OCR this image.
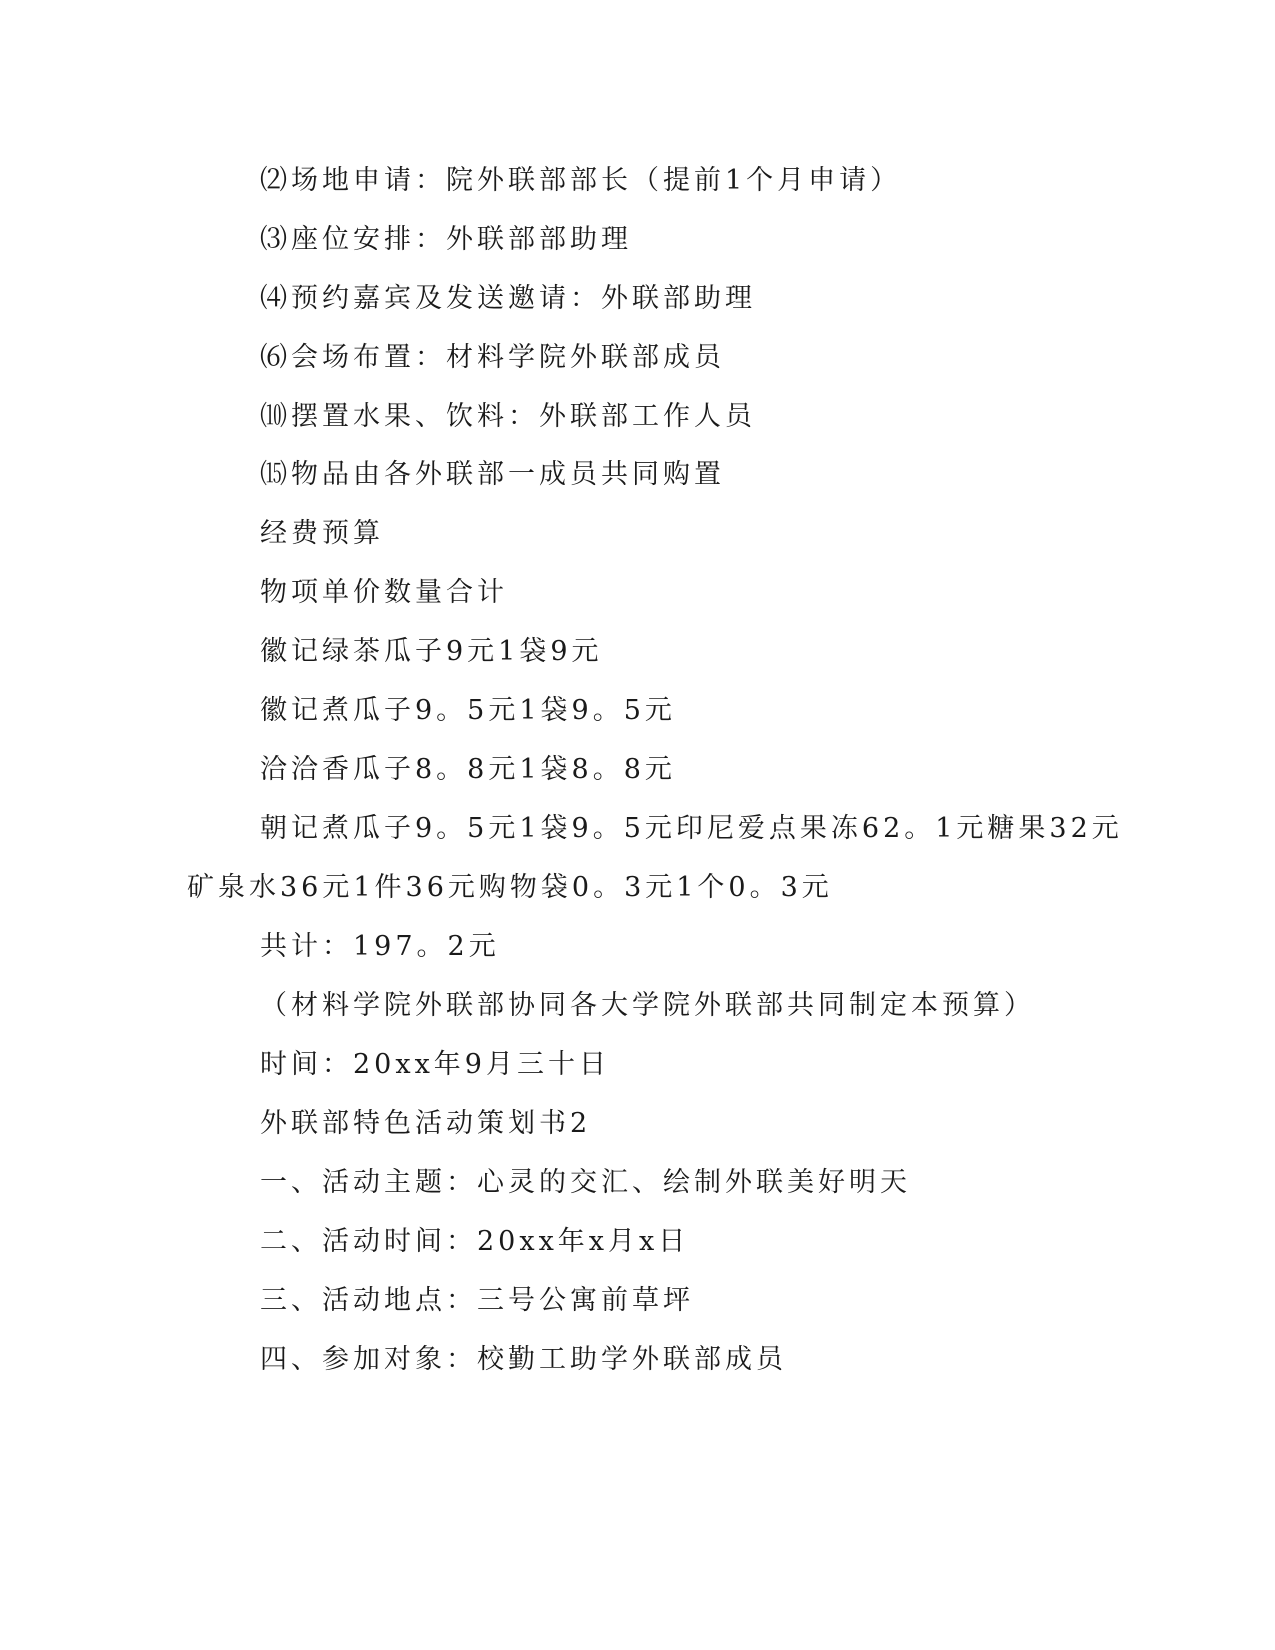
⑵场地申请：院外联部部长（提前1个月申请）
⑶座位安排：外联部部助理
⑷预约嘉宾及发送邀请：外联部助理
⑹会场布置：材料学院外联部成员
⑽摆置水果、饮料：外联部工作人员
⒂物品由各外联部一成员共同购置
经费预算
物项单价数量合计
徽记绿茶瓜子9元1袋9元
徽记煮瓜子9。5元1袋9。5元
洽洽香瓜子8。8元1袋8。8元
朝记煮瓜子9。5元1袋9。5元印尼爱点果冻62。1元糖果32元
矿泉水36元1件36元购物袋0。3元1个0。3元
共计：197。2元
（材料学院外联部协同各大学院外联部共同制定本预算）
时间：20xx年9月三十日
外联部特色活动策划书2
一、活动主题：心灵的交汇、绘制外联美好明天
二、活动时间：20xx年x月x日
三、活动地点：三号公寓前草坪
四、参加对象：校勤工助学外联部成员
